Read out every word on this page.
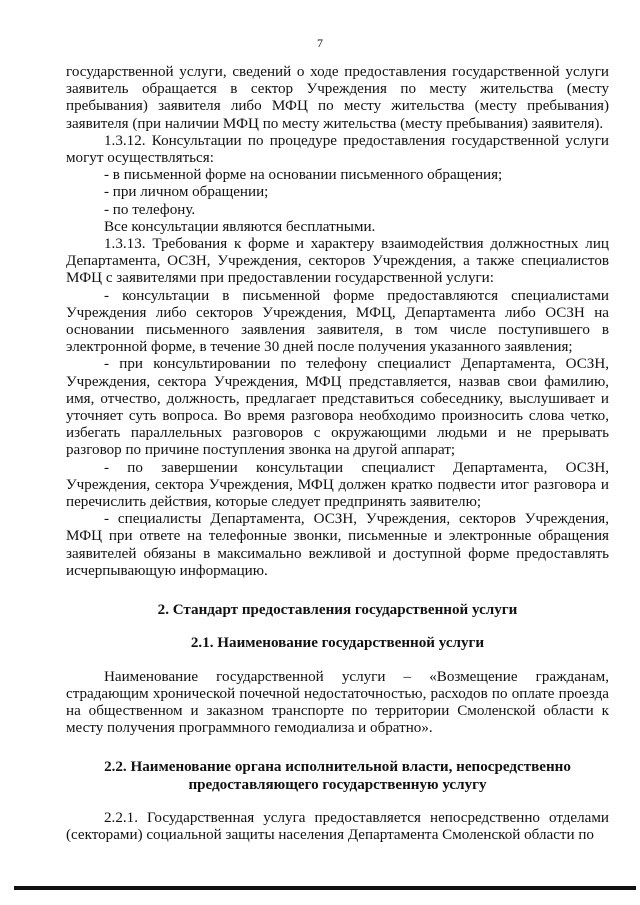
7

государственной услуги, сведений о ходе предоставления государственной услуги заявитель обращается в сектор Учреждения по месту жительства (месту пребывания) заявителя либо МФЦ по месту жительства (месту пребывания) заявителя (при наличии МФЦ по месту жительства (месту пребывания) заявителя).

1.3.12. Консультации по процедуре предоставления государственной услуги могут осуществляться:

- в письменной форме на основании письменного обращения;

- при личном обращении;

- по телефону.

Все консультации являются бесплатными.

1.3.13. Требования к форме и характеру взаимодействия должностных лиц Департамента, ОСЗН, Учреждения, секторов Учреждения, а также специалистов МФЦ с заявителями при предоставлении государственной услуги:

- консультации в письменной форме предоставляются специалистами Учреждения либо секторов Учреждения, МФЦ, Департамента либо ОСЗН на основании письменного заявления заявителя, в том числе поступившего в электронной форме, в течение 30 дней после получения указанного заявления;

- при консультировании по телефону специалист Департамента, ОСЗН, Учреждения, сектора Учреждения, МФЦ представляется, назвав свои фамилию, имя, отчество, должность, предлагает представиться собеседнику, выслушивает и уточняет суть вопроса. Во время разговора необходимо произносить слова четко, избегать параллельных разговоров с окружающими людьми и не прерывать разговор по причине поступления звонка на другой аппарат;

- по завершении консультации специалист Департамента, ОСЗН, Учреждения, сектора Учреждения, МФЦ должен кратко подвести итог разговора и перечислить действия, которые следует предпринять заявителю;

- специалисты Департамента, ОСЗН, Учреждения, секторов Учреждения, МФЦ при ответе на телефонные звонки, письменные и электронные обращения заявителей обязаны в максимально вежливой и доступной форме предоставлять исчерпывающую информацию.

2. Стандарт предоставления государственной услуги
2.1. Наименование государственной услуги

Наименование государственной услуги – «Возмещение гражданам, страдающим хронической почечной недостаточностью, расходов по оплате проезда на общественном и заказном транспорте по территории Смоленской области к месту получения программного гемодиализа и обратно».

2.2. Наименование органа исполнительной власти, непосредственно
предоставляющего государственную услугу

2.2.1. Государственная услуга предоставляется непосредственно отделами (секторами) социальной защиты населения Департамента Смоленской области по
